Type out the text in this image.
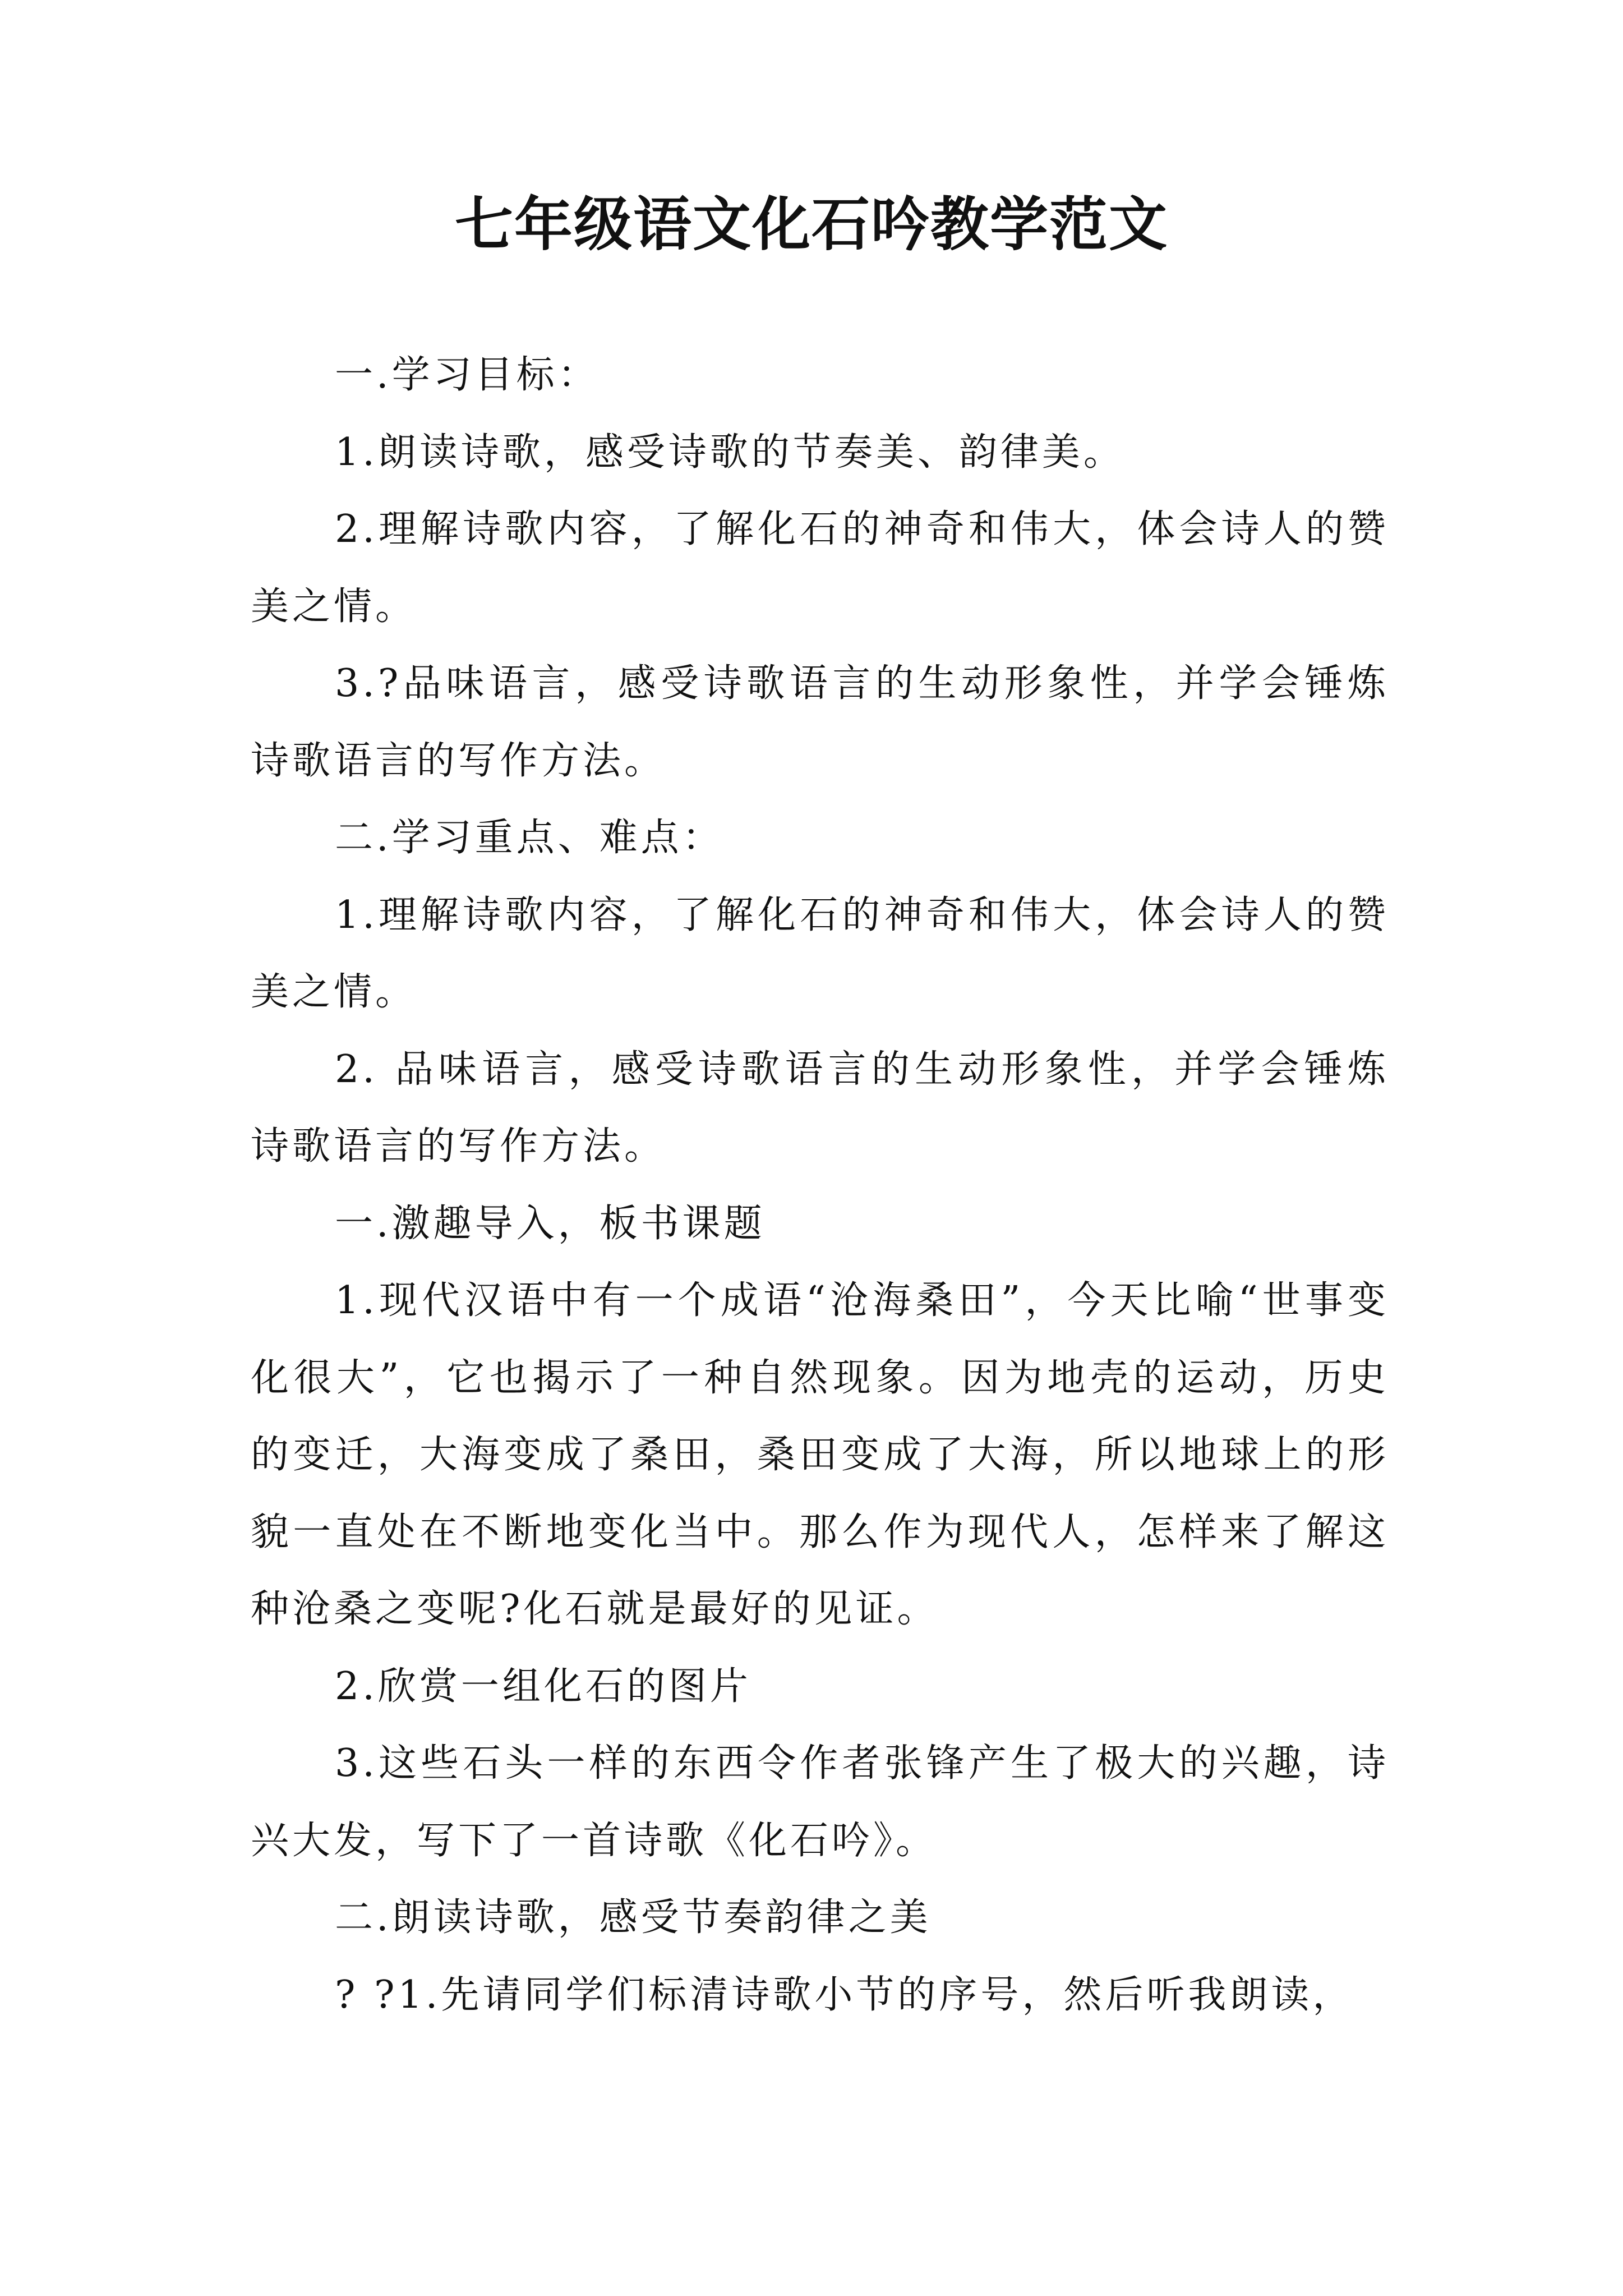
七年级语文化石吟教学范文

一.学习目标：

1.朗读诗歌，感受诗歌的节奏美、韵律美。

2.理解诗歌内容，了解化石的神奇和伟大，体会诗人的赞美之情。

3.?品味语言，感受诗歌语言的生动形象性，并学会锤炼诗歌语言的写作方法。

二.学习重点、难点：

1.理解诗歌内容，了解化石的神奇和伟大，体会诗人的赞美之情。

2. 品味语言，感受诗歌语言的生动形象性，并学会锤炼诗歌语言的写作方法。

一.激趣导入，板书课题

1.现代汉语中有一个成语“沧海桑田”，今天比喻“世事变化很大”，它也揭示了一种自然现象。因为地壳的运动，历史的变迁，大海变成了桑田，桑田变成了大海，所以地球上的形貌一直处在不断地变化当中。那么作为现代人，怎样来了解这种沧桑之变呢?化石就是最好的见证。

2.欣赏一组化石的图片

3.这些石头一样的东西令作者张锋产生了极大的兴趣，诗兴大发，写下了一首诗歌《化石吟》。

二.朗读诗歌，感受节奏韵律之美

? ?1.先请同学们标清诗歌小节的序号，然后听我朗读，
